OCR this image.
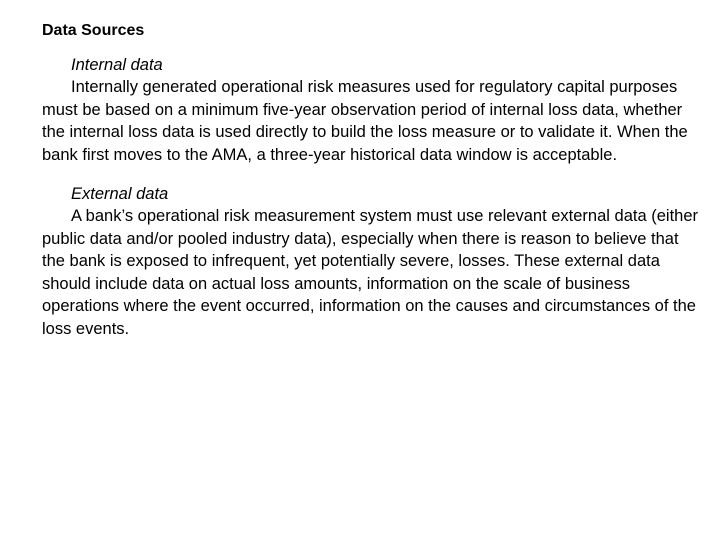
Data Sources
Internal data
Internally generated operational risk measures used for regulatory capital purposes must be based on a minimum five-year observation period of internal loss data, whether the internal loss data is used directly to build the loss measure or to validate it. When the bank first moves to the AMA, a three-year historical data window is acceptable.
External data
A bank’s operational risk measurement system must use relevant external data (either public data and/or pooled industry data), especially when there is reason to believe that the bank is exposed to infrequent, yet potentially severe, losses. These external data should include data on actual loss amounts, information on the scale of business operations where the event occurred, information on the causes and circumstances of the loss events.
